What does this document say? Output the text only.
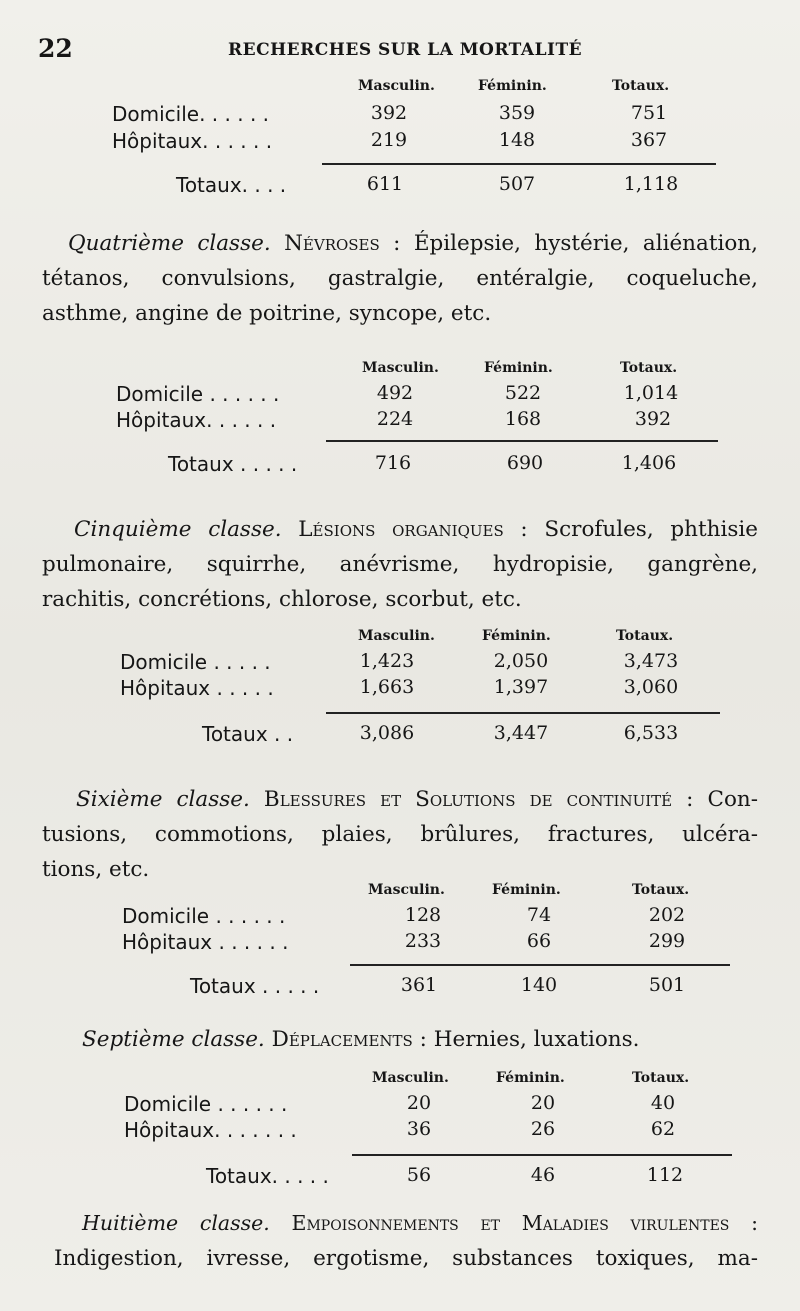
22	RECHERCHES SUR LA MORTALITÉ
Masculin.	Féminin.	Totaux.
Domicile. . . . . .	392	359	751
Hôpitaux. . . . . .	219	148	367
Totaux. . . .	611	507	1,118
Quatrième classe. Névroses : Épilepsie, hystérie, aliénation,
tétanos, convulsions, gastralgie, entéralgie, coqueluche,
asthme, angine de poitrine, syncope, etc.
Masculin.	Féminin.	Totaux.
Domicile . . . . . .	492	522	1,014
Hôpitaux. . . . . .	224	168	392
Totaux . . . . .	716	690	1,406
Cinquième classe. Lésions organiques : Scrofules, phthisie
pulmonaire, squirrhe, anévrisme, hydropisie, gangrène,
rachitis, concrétions, chlorose, scorbut, etc.
Masculin.	Féminin.	Totaux.
Domicile . . . . .	1,423	2,050	3,473
Hôpitaux . . . . .	1,663	1,397	3,060
Totaux . .	3,086	3,447	6,533
Sixième classe. Blessures et Solutions de continuité : Con-
tusions, commotions, plaies, brûlures, fractures, ulcéra-
tions, etc.
Masculin.	Féminin.	Totaux.
Domicile . . . . . .	128	74	202
Hôpitaux . . . . . .	233	66	299
Totaux . . . . .	361	140	501
Septième classe. Déplacements : Hernies, luxations.
Masculin.	Féminin.	Totaux.
Domicile . . . . . .	20	20	40
Hôpitaux. . . . . . .	36	26	62
Totaux. . . . .	56	46	112
Huitième classe. Empoisonnements et Maladies virulentes :
Indigestion, ivresse, ergotisme, substances toxiques, ma-
